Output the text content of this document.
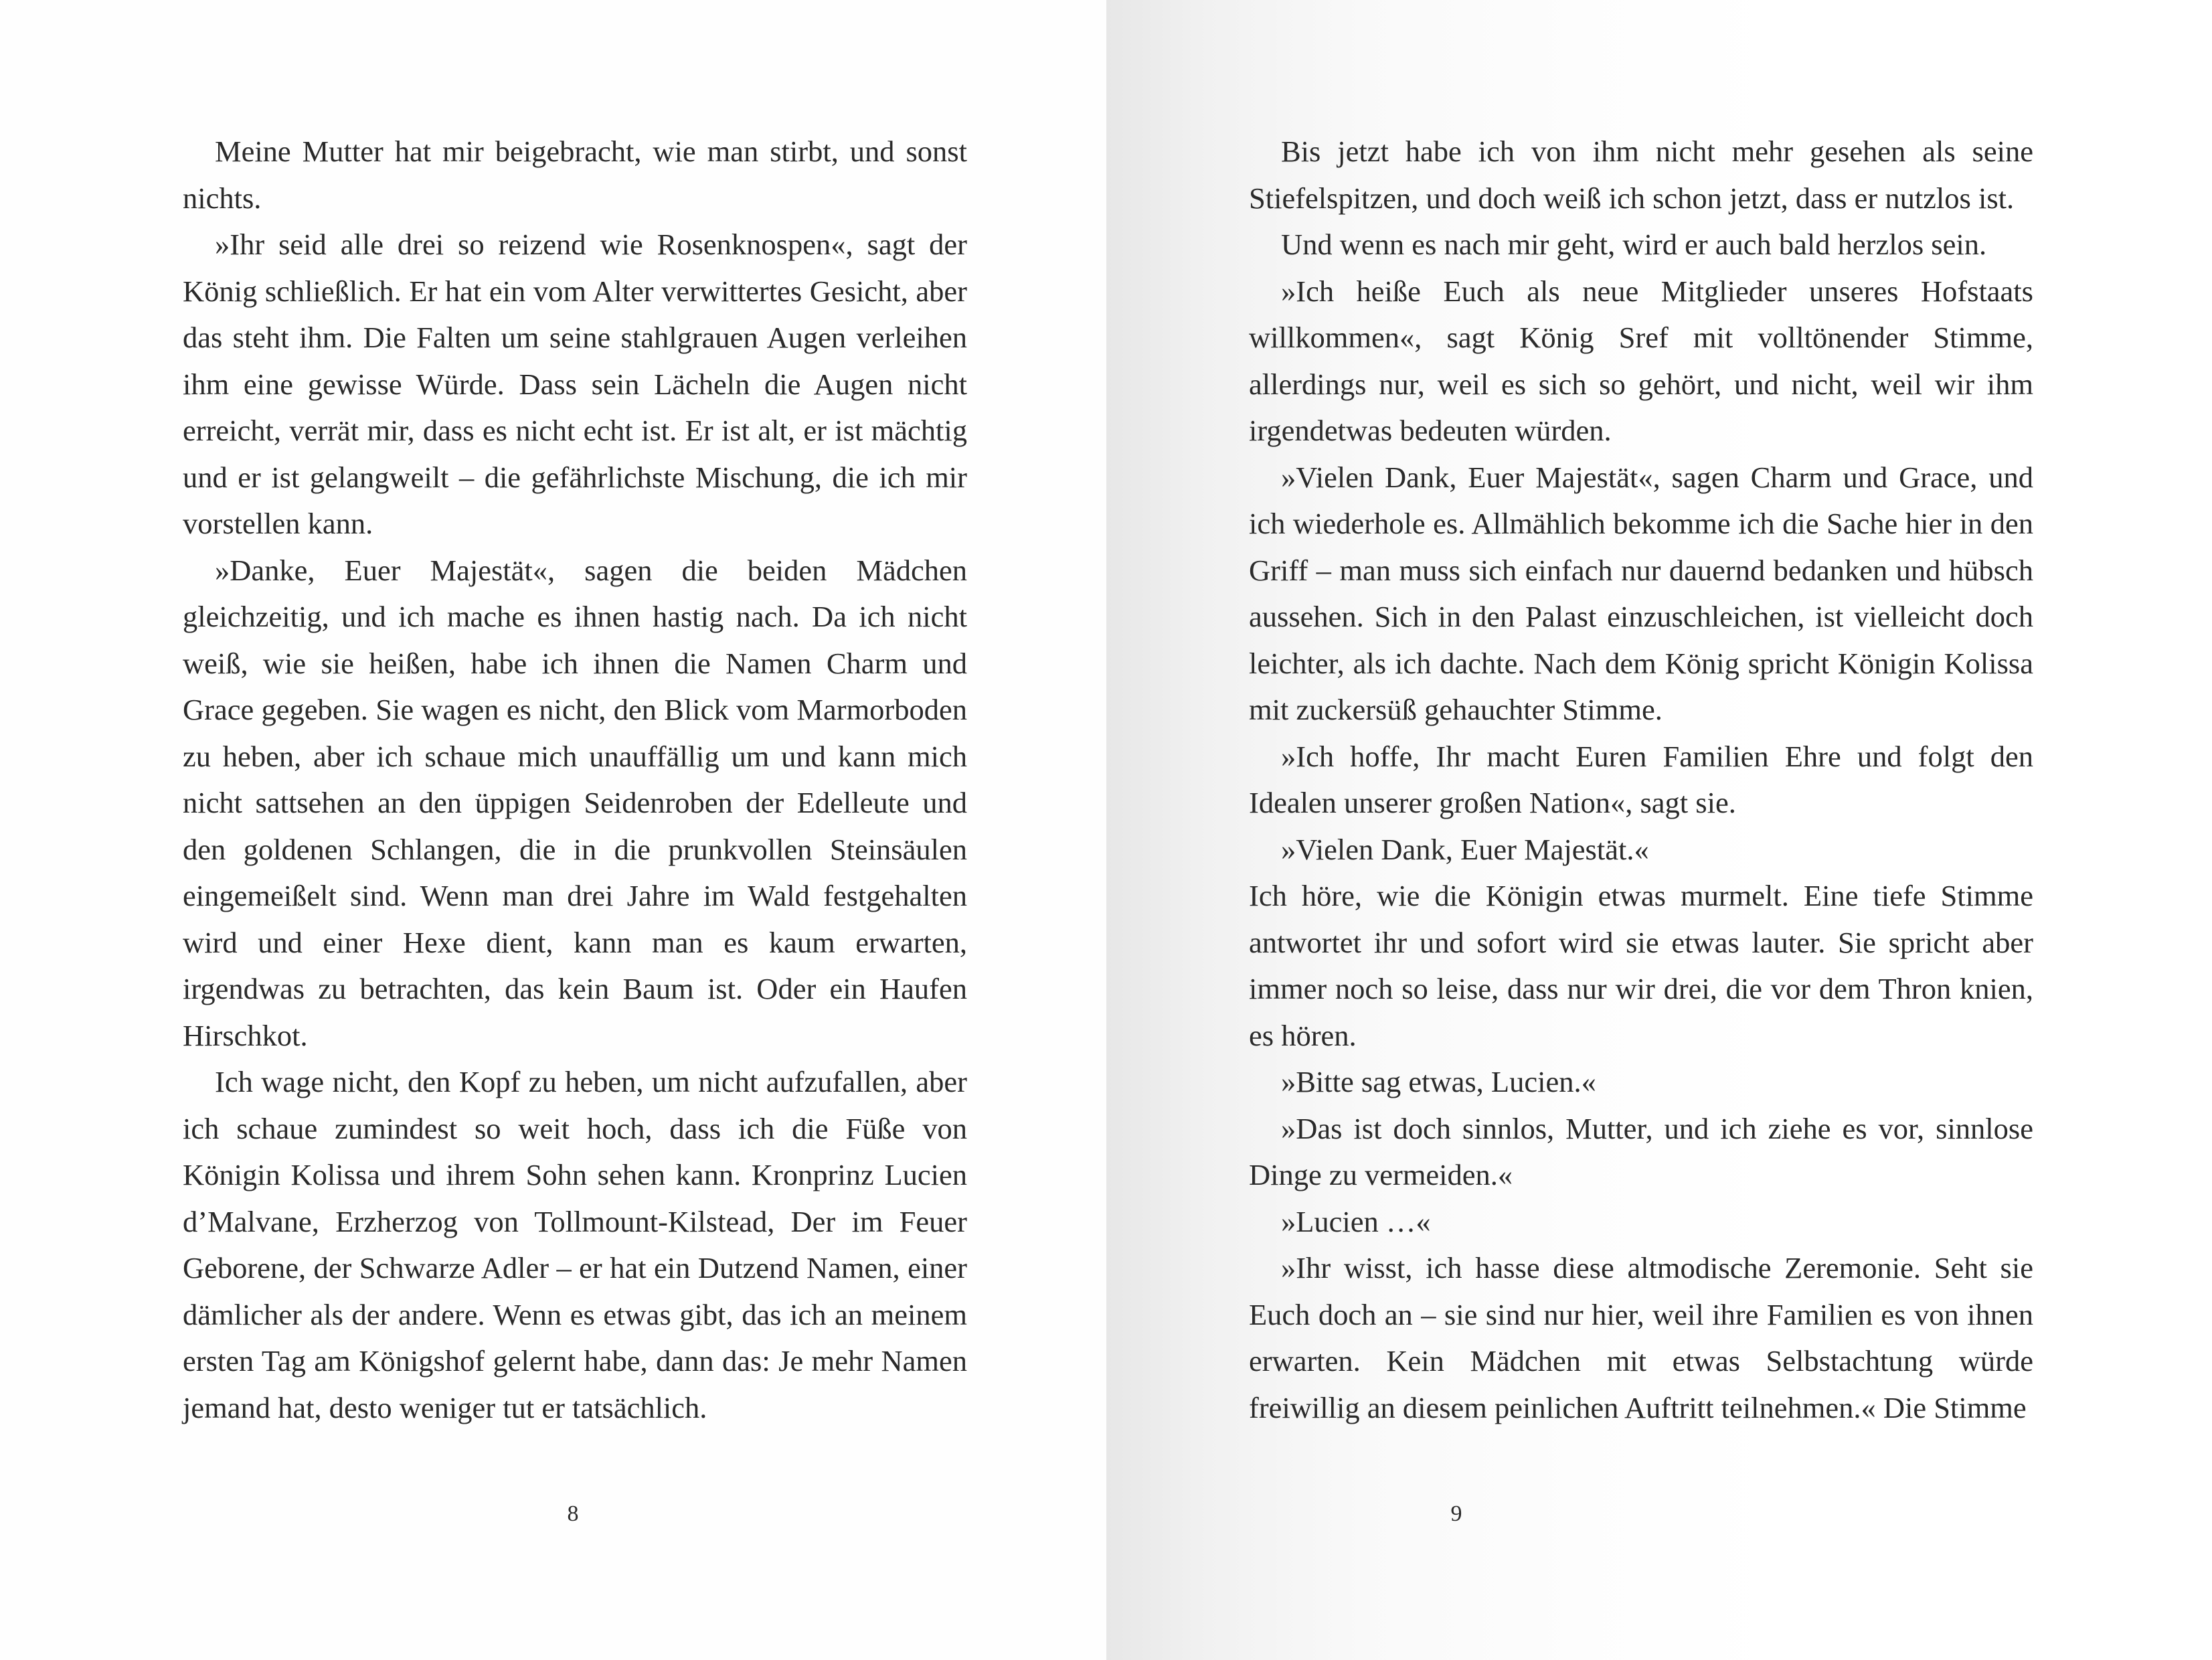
Meine Mutter hat mir beigebracht, wie man stirbt, und sonst nichts.

»Ihr seid alle drei so reizend wie Rosenknospen«, sagt der König schließlich. Er hat ein vom Alter verwittertes Gesicht, aber das steht ihm. Die Falten um seine stahlgrauen Augen verleihen ihm eine gewisse Würde. Dass sein Lächeln die Augen nicht erreicht, verrät mir, dass es nicht echt ist. Er ist alt, er ist mächtig und er ist gelangweilt – die gefährlichste Mischung, die ich mir vorstellen kann.

»Danke, Euer Majestät«, sagen die beiden Mädchen gleichzeitig, und ich mache es ihnen hastig nach. Da ich nicht weiß, wie sie heißen, habe ich ihnen die Namen Charm und Grace gegeben. Sie wagen es nicht, den Blick vom Marmorboden zu heben, aber ich schaue mich unauffällig um und kann mich nicht sattsehen an den üppigen Seidenroben der Edelleute und den goldenen Schlangen, die in die prunkvollen Steinsäulen eingemeißelt sind. Wenn man drei Jahre im Wald festgehalten wird und einer Hexe dient, kann man es kaum erwarten, irgendwas zu betrachten, das kein Baum ist. Oder ein Haufen Hirschkot.

Ich wage nicht, den Kopf zu heben, um nicht aufzufallen, aber ich schaue zumindest so weit hoch, dass ich die Füße von Königin Kolissa und ihrem Sohn sehen kann. Kronprinz Lucien d’Malvane, Erzherzog von Tollmount-Kilstead, Der im Feuer Geborene, der Schwarze Adler – er hat ein Dutzend Namen, einer dämlicher als der andere. Wenn es etwas gibt, das ich an meinem ersten Tag am Königshof gelernt habe, dann das: Je mehr Namen jemand hat, desto weniger tut er tatsächlich.

8

Bis jetzt habe ich von ihm nicht mehr gesehen als seine Stiefelspitzen, und doch weiß ich schon jetzt, dass er nutzlos ist.

Und wenn es nach mir geht, wird er auch bald herzlos sein.

»Ich heiße Euch als neue Mitglieder unseres Hofstaats willkommen«, sagt König Sref mit volltönender Stimme, allerdings nur, weil es sich so gehört, und nicht, weil wir ihm irgendetwas bedeuten würden.

»Vielen Dank, Euer Majestät«, sagen Charm und Grace, und ich wiederhole es. Allmählich bekomme ich die Sache hier in den Griff – man muss sich einfach nur dauernd bedanken und hübsch aussehen. Sich in den Palast einzuschleichen, ist vielleicht doch leichter, als ich dachte. Nach dem König spricht Königin Kolissa mit zuckersüß gehauchter Stimme.

»Ich hoffe, Ihr macht Euren Familien Ehre und folgt den Idealen unserer großen Nation«, sagt sie.

»Vielen Dank, Euer Majestät.«

Ich höre, wie die Königin etwas murmelt. Eine tiefe Stimme antwortet ihr und sofort wird sie etwas lauter. Sie spricht aber immer noch so leise, dass nur wir drei, die vor dem Thron knien, es hören.

»Bitte sag etwas, Lucien.«

»Das ist doch sinnlos, Mutter, und ich ziehe es vor, sinnlose Dinge zu vermeiden.«

»Lucien …«

»Ihr wisst, ich hasse diese altmodische Zeremonie. Seht sie Euch doch an – sie sind nur hier, weil ihre Familien es von ihnen erwarten. Kein Mädchen mit etwas Selbstachtung würde freiwillig an diesem peinlichen Auftritt teilnehmen.« Die Stimme

9
